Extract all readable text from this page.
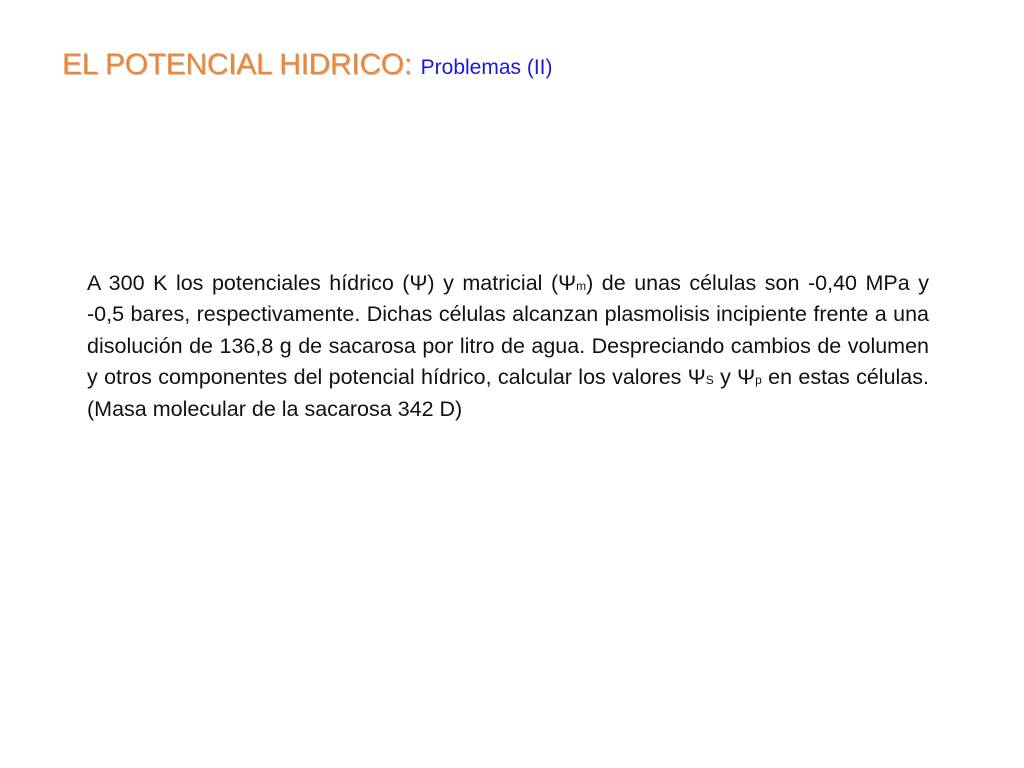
EL POTENCIAL HIDRICO: Problemas (II)
A 300 K los potenciales hídrico (Ψ) y matricial (Ψm) de unas células son -0,40 MPa y -0,5 bares, respectivamente. Dichas células alcanzan plasmolisis incipiente frente a una disolución de 136,8 g de sacarosa por litro de agua. Despreciando cambios de volumen y otros componentes del potencial hídrico, calcular los valores ΨS y Ψp en estas células. (Masa molecular de la sacarosa 342 D)
